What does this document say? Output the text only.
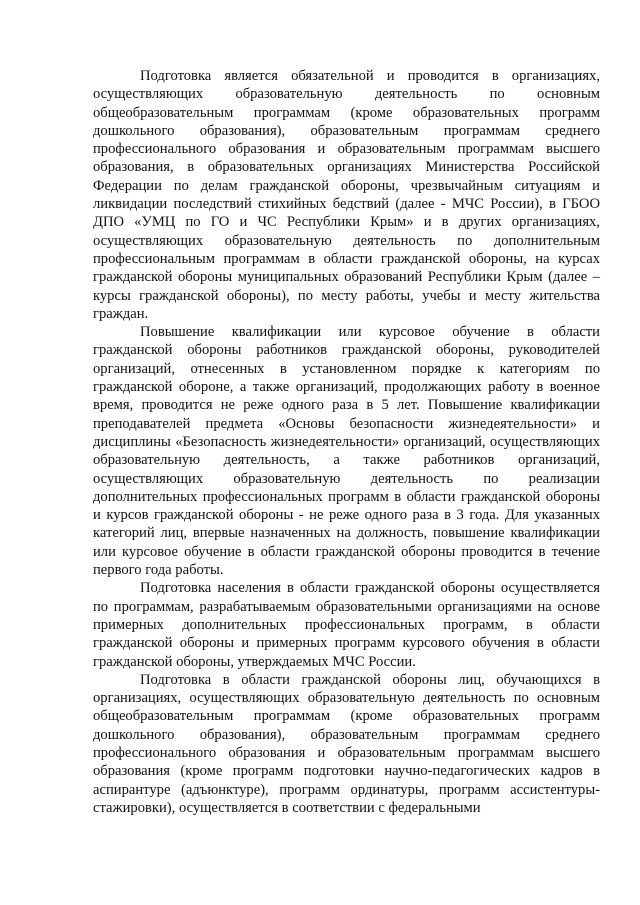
Подготовка является обязательной и проводится в организациях, осуществляющих образовательную деятельность по основным общеобразовательным программам (кроме образовательных программ дошкольного образования), образовательным программам среднего профессионального образования и образовательным программам высшего образования, в образовательных организациях Министерства Российской Федерации по делам гражданской обороны, чрезвычайным ситуациям и ликвидации последствий стихийных бедствий (далее - МЧС России), в ГБОО ДПО «УМЦ по ГО и ЧС Республики Крым» и в других организациях, осуществляющих образовательную деятельность по дополнительным профессиональным программам в области гражданской обороны, на курсах гражданской обороны муниципальных образований Республики Крым (далее – курсы гражданской обороны), по месту работы, учебы и месту жительства граждан.

Повышение квалификации или курсовое обучение в области гражданской обороны работников гражданской обороны, руководителей организаций, отнесенных в установленном порядке к категориям по гражданской обороне, а также организаций, продолжающих работу в военное время, проводится не реже одного раза в 5 лет. Повышение квалификации преподавателей предмета «Основы безопасности жизнедеятельности» и дисциплины «Безопасность жизнедеятельности» организаций, осуществляющих образовательную деятельность, а также работников организаций, осуществляющих образовательную деятельность по реализации дополнительных профессиональных программ в области гражданской обороны и курсов гражданской обороны - не реже одного раза в 3 года. Для указанных категорий лиц, впервые назначенных на должность, повышение квалификации или курсовое обучение в области гражданской обороны проводится в течение первого года работы.

Подготовка населения в области гражданской обороны осуществляется по программам, разрабатываемым образовательными организациями на основе примерных дополнительных профессиональных программ, в области гражданской обороны и примерных программ курсового обучения в области гражданской обороны, утверждаемых МЧС России.

Подготовка в области гражданской обороны лиц, обучающихся в организациях, осуществляющих образовательную деятельность по основным общеобразовательным программам (кроме образовательных программ дошкольного образования), образовательным программам среднего профессионального образования и образовательным программам высшего образования (кроме программ подготовки научно-педагогических кадров в аспирантуре (адъюнктуре), программ ординатуры, программ ассистентуры-стажировки), осуществляется в соответствии с федеральными
